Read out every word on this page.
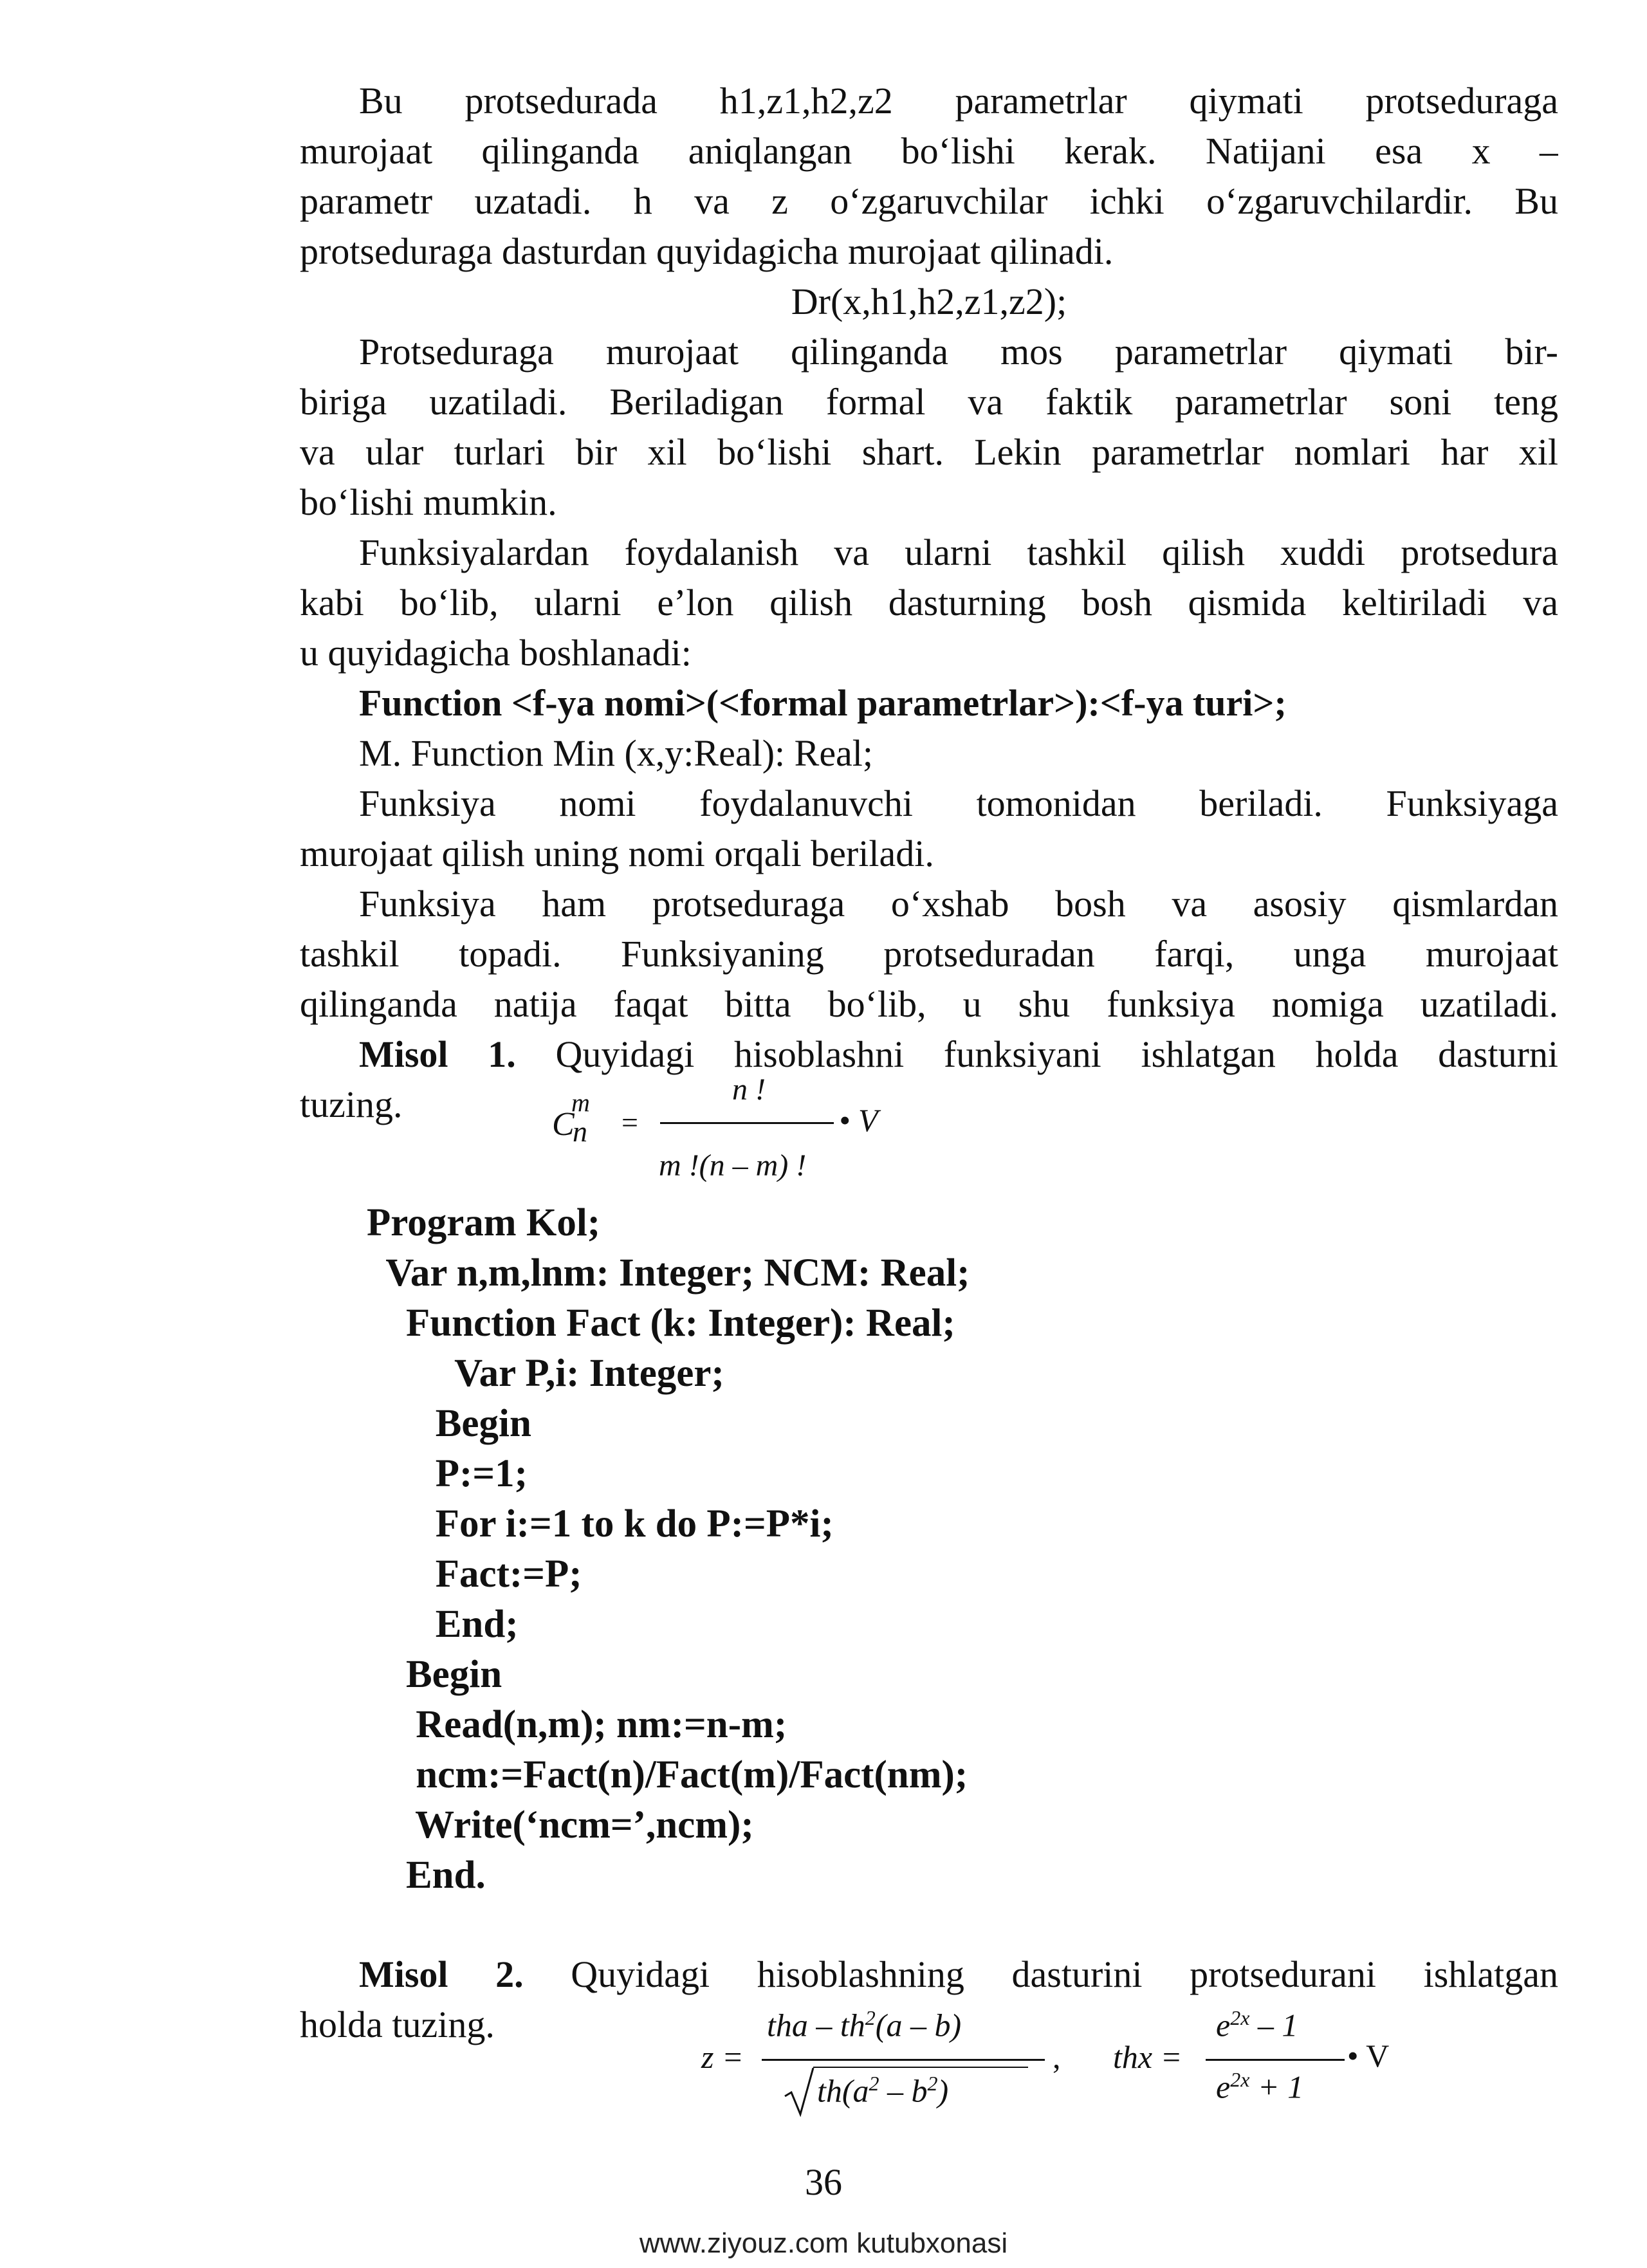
Bu protsedurada h1,z1,h2,z2 parametrlar qiymati protseduraga
murojaat qilinganda aniqlangan bo‘lishi kerak. Natijani esa x –
parametr uzatadi. h va z o‘zgaruvchilar ichki o‘zgaruvchilardir. Bu
protseduraga dasturdan quyidagicha murojaat qilinadi.
Dr(x,h1,h2,z1,z2);
Protseduraga murojaat qilinganda mos parametrlar qiymati bir-
biriga uzatiladi. Beriladigan formal va faktik parametrlar soni teng
va ular turlari bir xil bo‘lishi shart. Lekin parametrlar nomlari har xil
bo‘lishi mumkin.
Funksiyalardan foydalanish va ularni tashkil qilish xuddi protsedura
kabi bo‘lib, ularni e’lon qilish dasturning bosh qismida keltiriladi va
u quyidagicha boshlanadi:
Function <f-ya nomi>(<formal parametrlar>):<f-ya turi>;
M. Function Min (x,y:Real): Real;
Funksiya nomi foydalanuvchi tomonidan beriladi. Funksiyaga
murojaat qilish uning nomi orqali beriladi.
Funksiya ham protseduraga o‘xshab bosh va asosiy qismlardan
tashkil topadi. Funksiyaning protseduradan farqi, unga murojaat
qilinganda natija faqat bitta bo‘lib, u shu funksiya nomiga uzatiladi.
Misol 1. Quyidagi hisoblashni funksiyani ishlatgan holda dasturni
tuzing.	C
m
n =
n !
m !(n – m) !
• V
Program Kol;
Var n,m,lnm: Integer; NCM: Real;
Function Fact (k: Integer): Real;
Var P,i: Integer;
Begin
P:=1;
For i:=1 to k do P:=P*i;
Fact:=P;
End;
Begin
Read(n,m); nm:=n-m;
ncm:=Fact(n)/Fact(m)/Fact(nm);
Write(‘ncm=’,ncm);
End.
Misol 2. Quyidagi hisoblashning dasturini protsedurani ishlatgan
holda tuzing.
z =
tha – $th^2(a - b)$
$th(a^2 - b^2)$
, thx =
$e^{2x} - 1$
$e^{2x} + 1$
• V
36
www.ziyouz.com kutubxonasi
